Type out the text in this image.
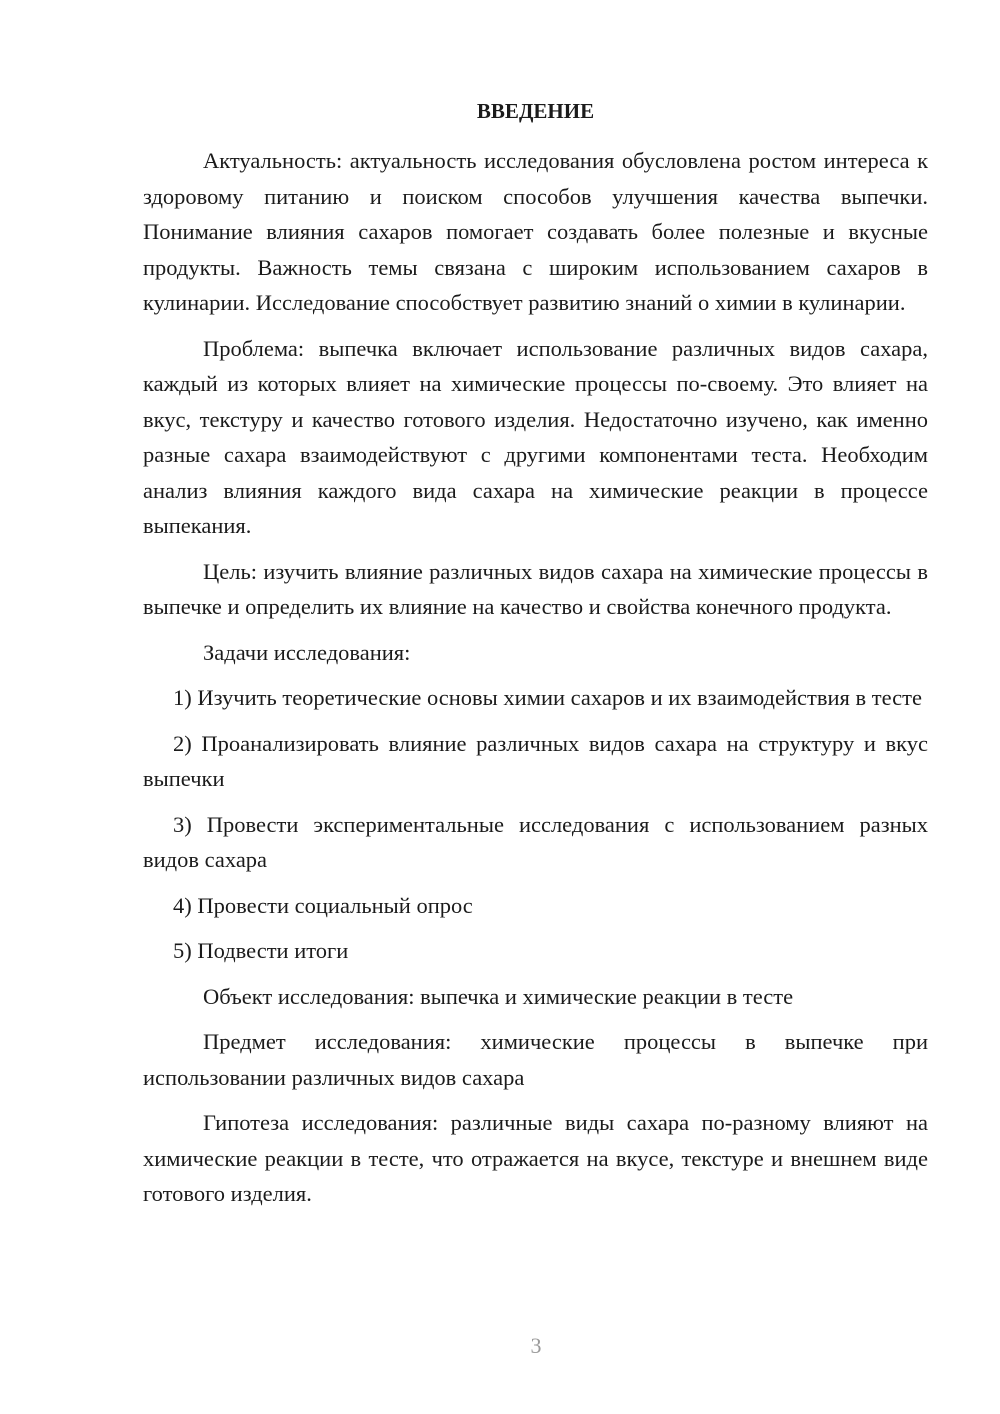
ВВЕДЕНИЕ

Актуальность: актуальность исследования обусловлена ростом интереса к здоровому питанию и поиском способов улучшения качества выпечки. Понимание влияния сахаров помогает создавать более полезные и вкусные продукты. Важность темы связана с широким использованием сахаров в кулинарии. Исследование способствует развитию знаний о химии в кулинарии.

Проблема: выпечка включает использование различных видов сахара, каждый из которых влияет на химические процессы по-своему. Это влияет на вкус, текстуру и качество готового изделия. Недостаточно изучено, как именно разные сахара взаимодействуют с другими компонентами теста. Необходим анализ влияния каждого вида сахара на химические реакции в процессе выпекания.

Цель: изучить влияние различных видов сахара на химические процессы в выпечке и определить их влияние на качество и свойства конечного продукта.

Задачи исследования:

1) Изучить теоретические основы химии сахаров и их взаимодействия в тесте

2) Проанализировать влияние различных видов сахара на структуру и вкус выпечки

3) Провести экспериментальные исследования с использованием разных видов сахара

4) Провести социальный опрос

5) Подвести итоги

Объект исследования: выпечка и химические реакции в тесте

Предмет исследования: химические процессы в выпечке при использовании различных видов сахара

Гипотеза исследования: различные виды сахара по-разному влияют на химические реакции в тесте, что отражается на вкусе, текстуре и внешнем виде готового изделия.

3
